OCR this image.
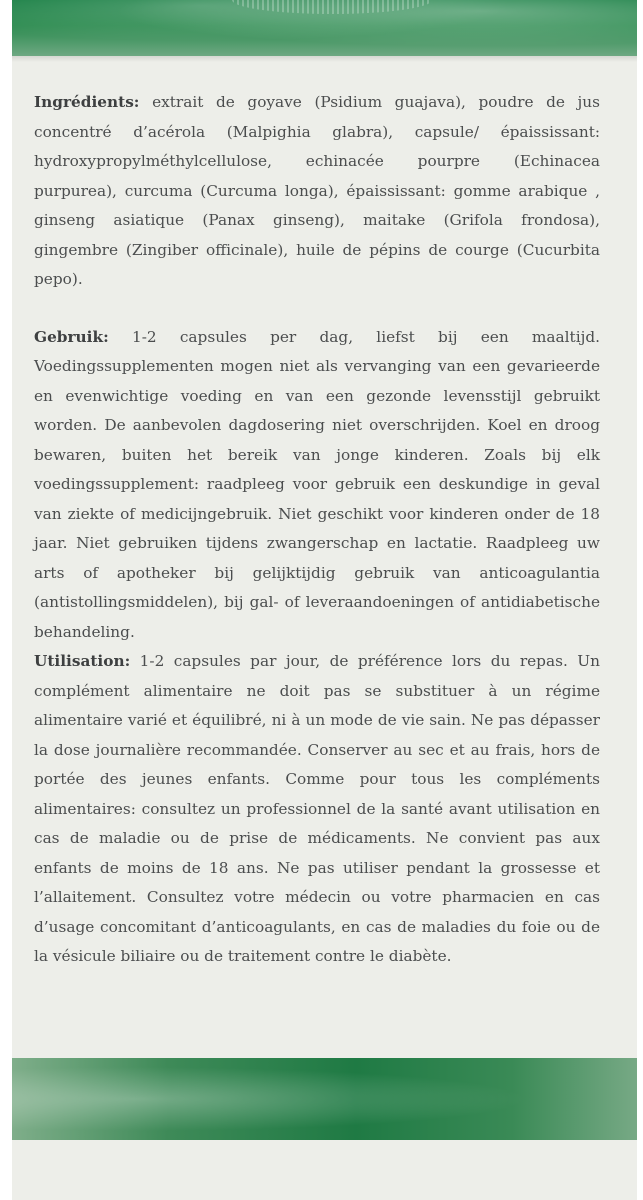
Ingrédients: extrait de goyave (Psidium guajava), poudre de jus concentré d’acérola (Malpighia glabra), capsule/ épaississant: hydroxypropylméthylcellulose, echinacée pourpre (Echinacea purpurea), curcuma (Curcuma longa), épaississant: gomme arabique , ginseng asiatique (Panax ginseng), maitake (Grifola frondosa), gingembre (Zingiber officinale), huile de pépins de courge (Cucurbita pepo).

Gebruik: 1-2 capsules per dag, liefst bij een maaltijd. Voedingssupplementen mogen niet als vervanging van een gevarieerde en evenwichtige voeding en van een gezonde levensstijl gebruikt worden. De aanbevolen dagdosering niet overschrijden. Koel en droog bewaren, buiten het bereik van jonge kinderen. Zoals bij elk voedingssupplement: raadpleeg voor gebruik een deskundige in geval van ziekte of medicijngebruik. Niet geschikt voor kinderen onder de 18 jaar. Niet gebruiken tijdens zwangerschap en lactatie. Raadpleeg uw arts of apotheker bij gelijktijdig gebruik van anticoagulantia (antistollingsmiddelen), bij gal- of leveraandoeningen of antidiabetische behandeling.

Utilisation: 1-2 capsules par jour, de préférence lors du repas. Un complément alimentaire ne doit pas se substituer à un régime alimentaire varié et équilibré, ni à un mode de vie sain. Ne pas dépasser la dose journalière recommandée. Conserver au sec et au frais, hors de portée des jeunes enfants. Comme pour tous les compléments alimentaires: consultez un professionnel de la santé avant utilisation en cas de maladie ou de prise de médicaments. Ne convient pas aux enfants de moins de 18 ans. Ne pas utiliser pendant la grossesse et l’allaitement. Consultez votre médecin ou votre pharmacien en cas d’usage concomitant d’anticoagulants, en cas de maladies du foie ou de la vésicule biliaire ou de traitement contre le diabète.
